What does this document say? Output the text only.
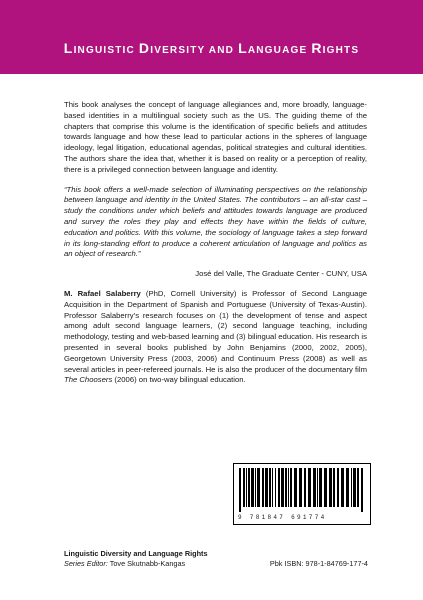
LINGUISTIC DIVERSITY AND LANGUAGE RIGHTS

This book analyses the concept of language allegiances and, more broadly, language-based identities in a multilingual society such as the US. The guiding theme of the chapters that comprise this volume is the identification of specific beliefs and attitudes towards language and how these lead to particular actions in the spheres of language ideology, legal litigation, educational agendas, political strategies and cultural identities. The authors share the idea that, whether it is based on reality or a perception of reality, there is a privileged connection between language and identity.

“This book offers a well-made selection of illuminating perspectives on the relationship between language and identity in the United States. The contributors – an all-star cast – study the conditions under which beliefs and attitudes towards language are produced and survey the roles they play and effects they have within the fields of culture, education and politics. With this volume, the sociology of language takes a step forward in its long-standing effort to produce a coherent articulation of language and politics as an object of research.”

José del Valle, The Graduate Center - CUNY, USA

M. Rafael Salaberry (PhD, Cornell University) is Professor of Second Language Acquisition in the Department of Spanish and Portuguese (University of Texas-Austin). Professor Salaberry’s research focuses on (1) the development of tense and aspect among adult second language learners, (2) second language teaching, including methodology, testing and web-based learning and (3) bilingual education. His research is presented in several books published by John Benjamins (2000, 2002, 2005), Georgetown University Press (2003, 2006) and Continuum Press (2008) as well as several articles in peer-refereed journals. He is also the producer of the documentary film The Choosers (2006) on two-way bilingual education.

9 781847 691774
Linguistic Diversity and Language Rights
Series Editor: Tove Skutnabb-Kangas	Pbk ISBN: 978-1-84769-177-4
